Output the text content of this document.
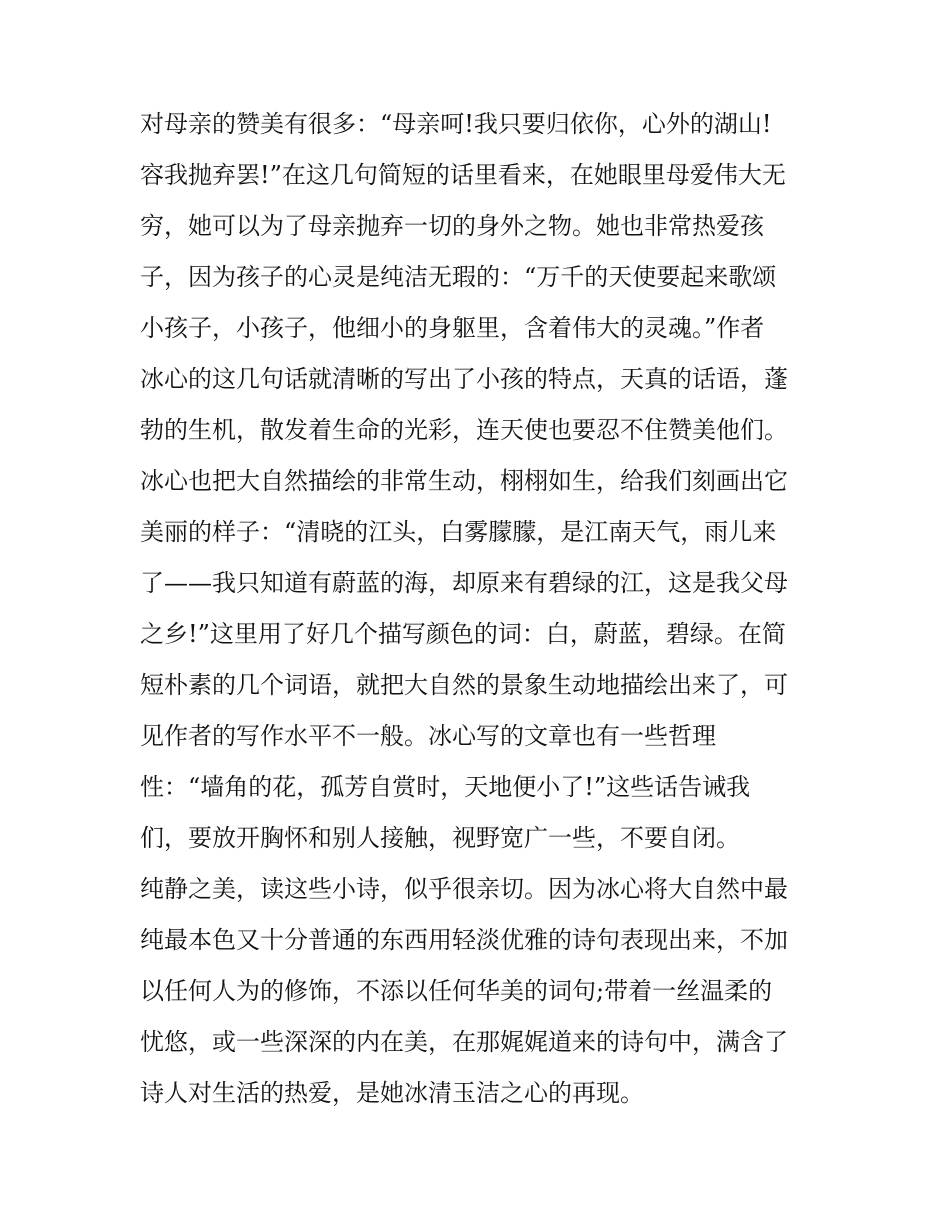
对母亲的赞美有很多：“母亲呵!我只要归依你，心外的湖山!
容我抛弃罢!”在这几句简短的话里看来，在她眼里母爱伟大无
穷，她可以为了母亲抛弃一切的身外之物。她也非常热爱孩
子，因为孩子的心灵是纯洁无瑕的：“万千的天使要起来歌颂
小孩子，小孩子，他细小的身躯里，含着伟大的灵魂。”作者
冰心的这几句话就清晰的写出了小孩的特点，天真的话语，蓬
勃的生机，散发着生命的光彩，连天使也要忍不住赞美他们。
冰心也把大自然描绘的非常生动，栩栩如生，给我们刻画出它
美丽的样子：“清晓的江头，白雾朦朦，是江南天气，雨儿来
了——我只知道有蔚蓝的海，却原来有碧绿的江，这是我父母
之乡!”这里用了好几个描写颜色的词：白，蔚蓝，碧绿。在简
短朴素的几个词语，就把大自然的景象生动地描绘出来了，可
见作者的写作水平不一般。冰心写的文章也有一些哲理
性：“墙角的花，孤芳自赏时，天地便小了!”这些话告诫我
们，要放开胸怀和别人接触，视野宽广一些，不要自闭。
纯静之美，读这些小诗，似乎很亲切。因为冰心将大自然中最
纯最本色又十分普通的东西用轻淡优雅的诗句表现出来，不加
以任何人为的修饰，不添以任何华美的词句;带着一丝温柔的
忧悠，或一些深深的内在美，在那娓娓道来的诗句中，满含了
诗人对生活的热爱，是她冰清玉洁之心的再现。
